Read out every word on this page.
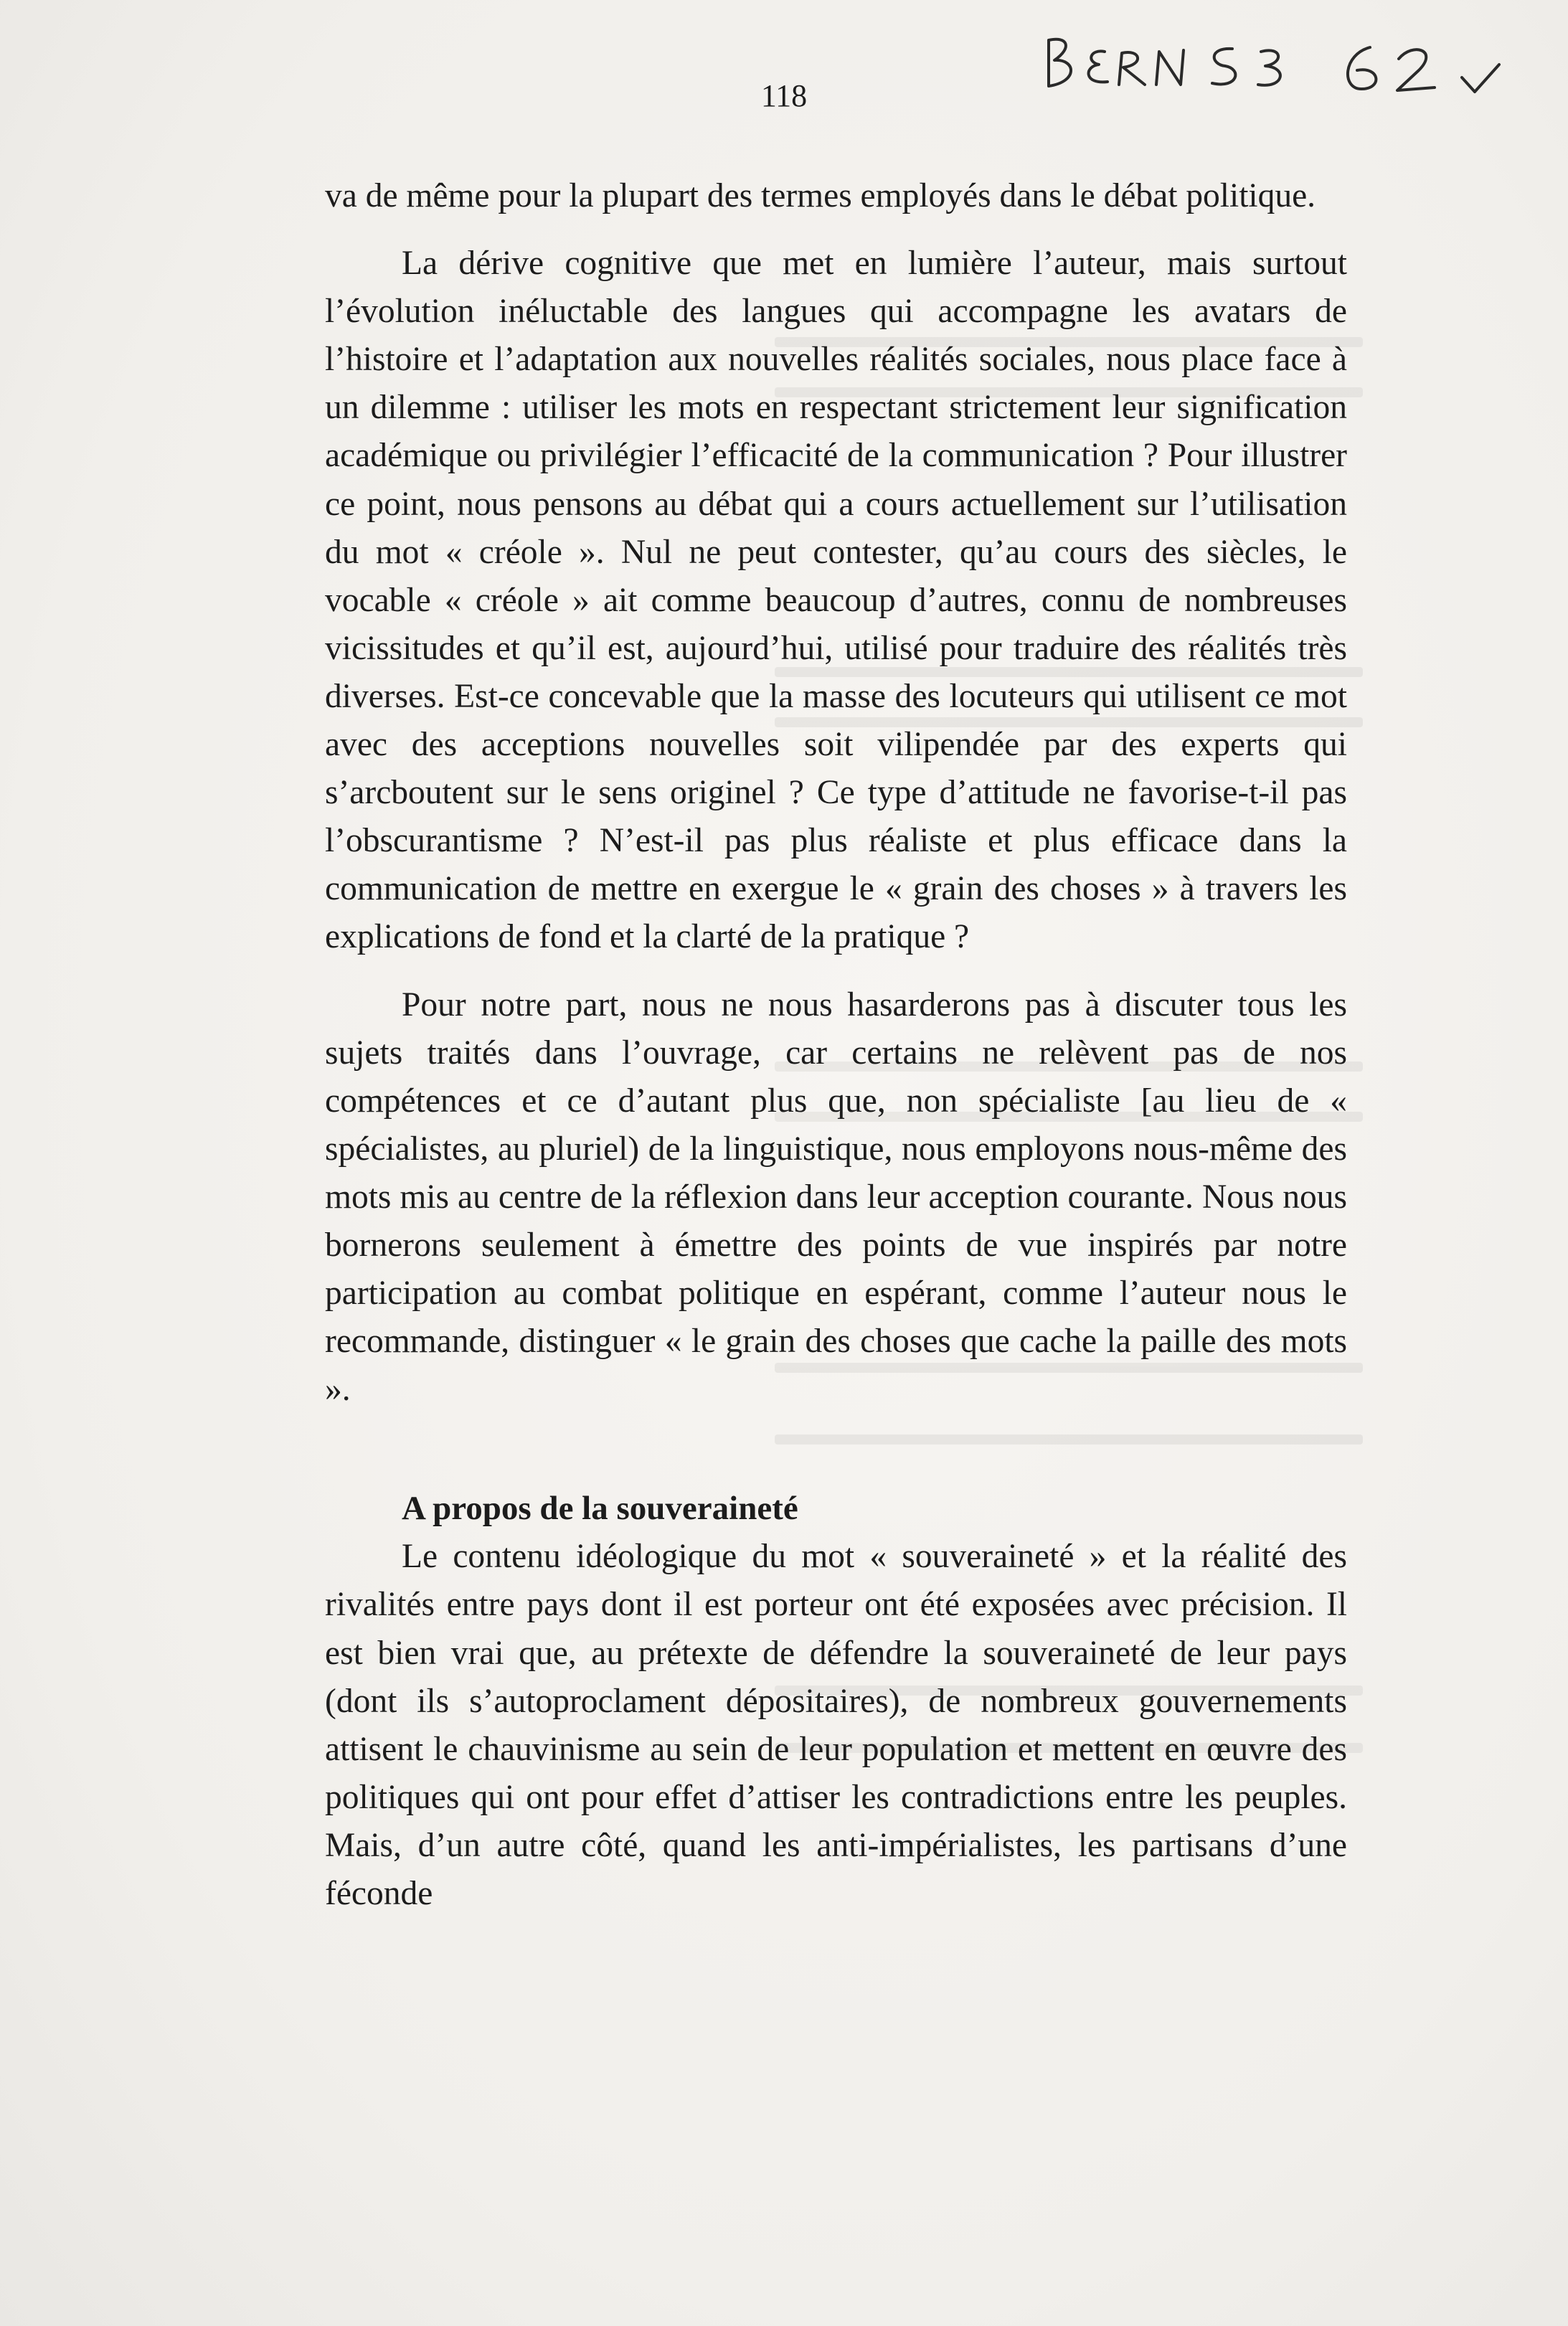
118

va de même pour la plupart des termes employés dans le débat politique.

La dérive cognitive que met en lumière l’auteur, mais surtout l’évolution inéluctable des langues qui accompagne les avatars de l’histoire et l’adaptation aux nouvelles réalités sociales, nous place face à un dilemme : utiliser les mots en respectant strictement leur signification académique ou privilégier l’efficacité de la communication ? Pour illustrer ce point, nous pensons au débat qui a cours actuellement sur l’utilisation du mot « créole ». Nul ne peut contester, qu’au cours des siècles, le vocable « créole » ait comme beaucoup d’autres, connu de nombreuses vicissitudes et qu’il est, aujourd’hui, utilisé pour traduire des réalités très diverses. Est-ce concevable que la masse des locuteurs qui utilisent ce mot avec des acceptions nouvelles soit vilipendée par des experts qui s’arcboutent sur le sens originel ? Ce type d’attitude ne favorise-t-il pas l’obscurantisme ? N’est-il pas plus réaliste et plus efficace dans la communication de mettre en exergue le « grain des choses » à travers les explications de fond et la clarté de la pratique ?

Pour notre part, nous ne nous hasarderons pas à discuter tous les sujets traités dans l’ouvrage, car certains ne relèvent pas de nos compétences et ce d’autant plus que, non spécialiste [au lieu de « spécialistes, au pluriel) de la linguistique, nous employons nous-même des mots mis au centre de la réflexion dans leur acception courante. Nous nous bornerons seulement à émettre des points de vue inspirés par notre participation au combat politique en espérant, comme l’auteur nous le recommande, distinguer « le grain des choses que cache la paille des mots ».

A propos de la souveraineté

Le contenu idéologique du mot « souveraineté » et la réalité des rivalités entre pays dont il est porteur ont été exposées avec précision. Il est bien vrai que, au prétexte de défendre la souveraineté de leur pays (dont ils s’autoproclament dépositaires), de nombreux gouvernements attisent le chauvinisme au sein de leur population et mettent en œuvre des politiques qui ont pour effet d’attiser les contradictions entre les peuples. Mais, d’un autre côté, quand les anti-impérialistes, les partisans d’une féconde
